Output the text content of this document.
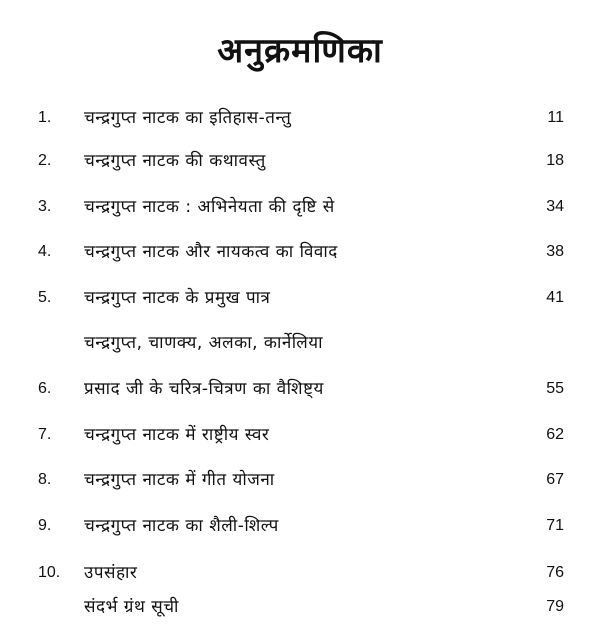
अनुक्रमणिका
1.	चन्द्रगुप्त नाटक का इतिहास-तन्तु	11
2.	चन्द्रगुप्त नाटक की कथावस्तु	18
3.	चन्द्रगुप्त नाटक : अभिनेयता की दृष्टि से	34
4.	चन्द्रगुप्त नाटक और नायकत्व का विवाद	38
5.	चन्द्रगुप्त नाटक के प्रमुख पात्र	41
चन्द्रगुप्त, चाणक्य, अलका, कार्नेलिया
6.	प्रसाद जी के चरित्र-चित्रण का वैशिष्ट्य	55
7.	चन्द्रगुप्त नाटक में राष्ट्रीय स्वर	62
8.	चन्द्रगुप्त नाटक में गीत योजना	67
9.	चन्द्रगुप्त नाटक का शैली-शिल्प	71
10.	उपसंहार	76
संदर्भ ग्रंथ सूची	79
